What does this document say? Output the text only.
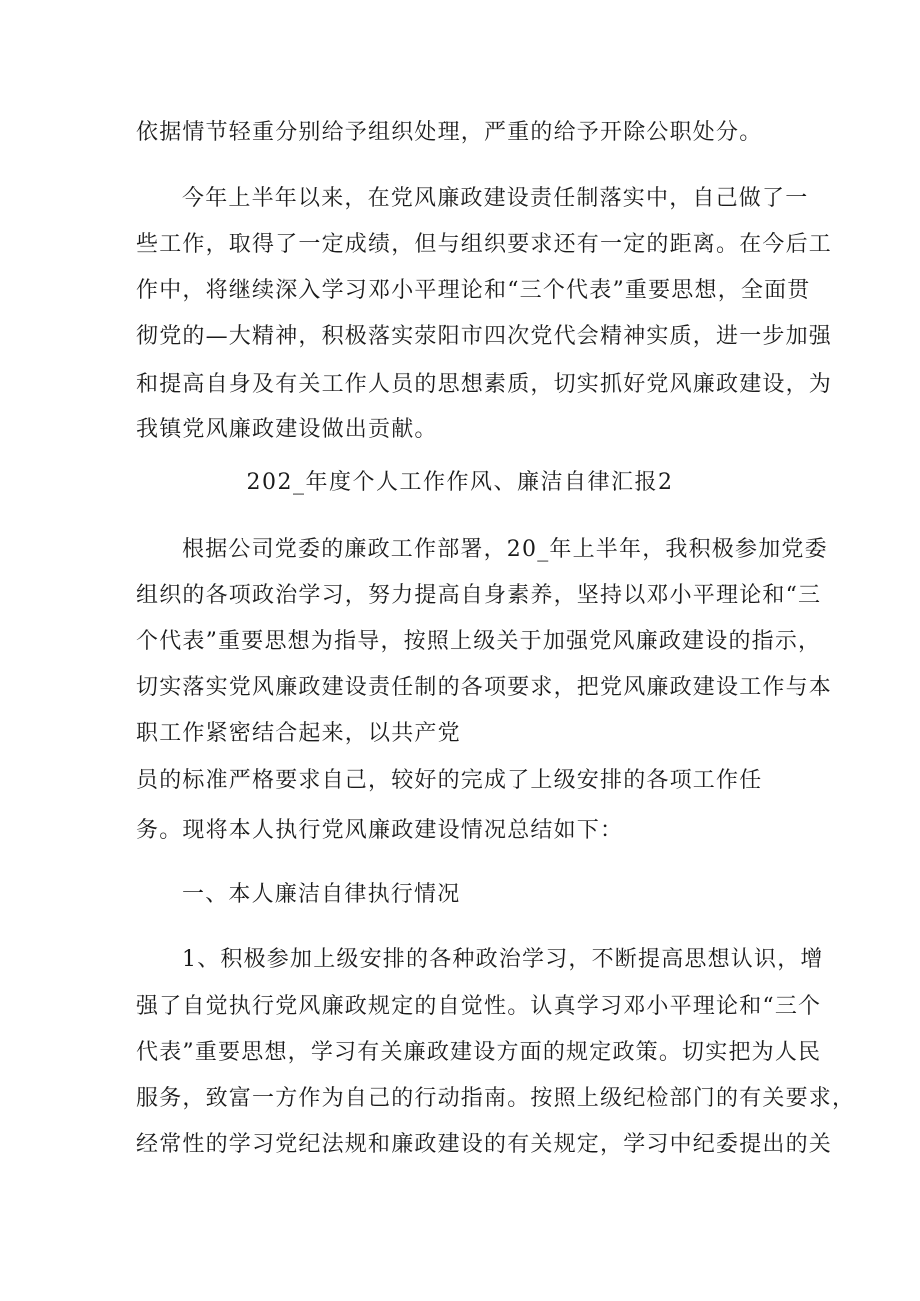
依据情节轻重分别给予组织处理，严重的给予开除公职处分。
今年上半年以来，在党风廉政建设责任制落实中，自己做了一
些工作，取得了一定成绩，但与组织要求还有一定的距离。在今后工
作中，将继续深入学习邓小平理论和“三个代表”重要思想，全面贯
彻党的—大精神，积极落实荥阳市四次党代会精神实质，进一步加强
和提高自身及有关工作人员的思想素质，切实抓好党风廉政建设，为
我镇党风廉政建设做出贡献。
202_年度个人工作作风、廉洁自律汇报2
根据公司党委的廉政工作部署，20_年上半年，我积极参加党委
组织的各项政治学习，努力提高自身素养，坚持以邓小平理论和“三
个代表”重要思想为指导，按照上级关于加强党风廉政建设的指示，
切实落实党风廉政建设责任制的各项要求，把党风廉政建设工作与本
职工作紧密结合起来，以共产党
员的标准严格要求自己，较好的完成了上级安排的各项工作任
务。现将本人执行党风廉政建设情况总结如下：
一、本人廉洁自律执行情况
1、积极参加上级安排的各种政治学习，不断提高思想认识，增
强了自觉执行党风廉政规定的自觉性。认真学习邓小平理论和“三个
代表”重要思想，学习有关廉政建设方面的规定政策。切实把为人民
服务，致富一方作为自己的行动指南。按照上级纪检部门的有关要求，
经常性的学习党纪法规和廉政建设的有关规定，学习中纪委提出的关
